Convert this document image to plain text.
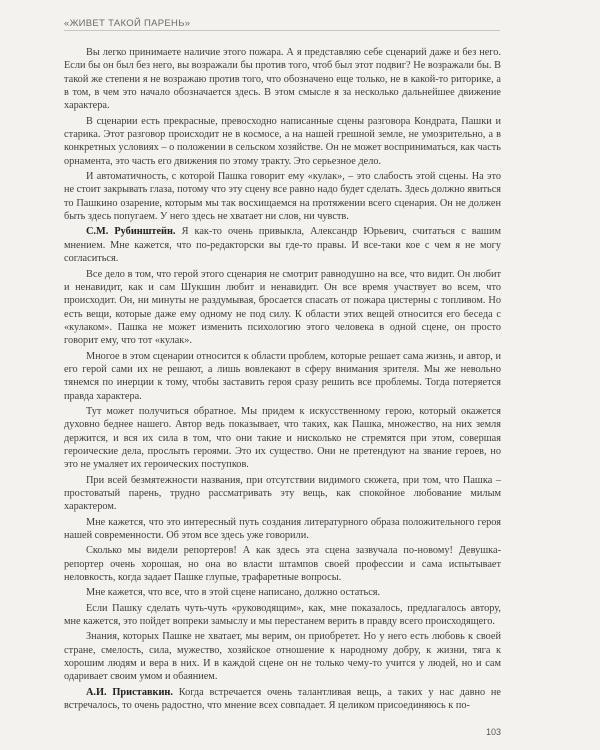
«ЖИВЕТ ТАКОЙ ПАРЕНЬ»

Вы легко принимаете наличие этого пожара. А я представляю себе сценарий даже и без него. Если бы он был без него, вы возражали бы против того, чтоб был этот подвиг? Не возражали бы. В такой же степени я не возражаю против того, что обозначено еще только, не в какой-то риторике, а в том, в чем это начало обозначается здесь. В этом смысле я за несколько дальнейшее движение характера.

В сценарии есть прекрасные, превосходно написанные сцены разговора Кондрата, Пашки и старика. Этот разговор происходит не в космосе, а на нашей грешной земле, не умозрительно, а в конкретных условиях – о положении в сельском хозяйстве. Он не может восприниматься, как часть орнамента, это часть его движения по этому тракту. Это серьезное дело.

И автоматичность, с которой Пашка говорит ему «кулак», – это слабость этой сцены. На это не стоит закрывать глаза, потому что эту сцену все равно надо будет сделать. Здесь должно явиться то Пашкино озарение, которым мы так восхищаемся на протяжении всего сценария. Он не должен быть здесь попугаем. У него здесь не хватает ни слов, ни чувств.

С.М. Рубинштейн. Я как-то очень привыкла, Александр Юрьевич, считаться с вашим мнением. Мне кажется, что по-редакторски вы где-то правы. И все-таки кое с чем я не могу согласиться.

Все дело в том, что герой этого сценария не смотрит равнодушно на все, что видит. Он любит и ненавидит, как и сам Шукшин любит и ненавидит. Он все время участвует во всем, что происходит. Он, ни минуты не раздумывая, бросается спасать от пожара цистерны с топливом. Но есть вещи, которые даже ему одному не под силу. К области этих вещей относится его беседа с «кулаком». Пашка не может изменить психологию этого человека в одной сцене, он просто говорит ему, что тот «кулак».

Многое в этом сценарии относится к области проблем, которые решает сама жизнь, и автор, и его герой сами их не решают, а лишь вовлекают в сферу внимания зрителя. Мы же невольно тянемся по инерции к тому, чтобы заставить героя сразу решить все проблемы. Тогда потеряется правда характера.

Тут может получиться обратное. Мы придем к искусственному герою, который окажется духовно беднее нашего. Автор ведь показывает, что таких, как Пашка, множество, на них земля держится, и вся их сила в том, что они такие и нисколько не стремятся при этом, совершая героические дела, прослыть героями. Это их существо. Они не претендуют на звание героев, но это не умаляет их героических поступков.

При всей безмятежности названия, при отсутствии видимого сюжета, при том, что Пашка – простоватый парень, трудно рассматривать эту вещь, как спокойное любование милым характером.

Мне кажется, что это интересный путь создания литературного образа положительного героя нашей современности. Об этом все здесь уже говорили.

Сколько мы видели репортеров! А как здесь эта сцена зазвучала по-новому! Девушка-репортер очень хорошая, но она во власти штампов своей профессии и сама испытывает неловкость, когда задает Пашке глупые, трафаретные вопросы.

Мне кажется, что все, что в этой сцене написано, должно остаться.

Если Пашку сделать чуть-чуть «руководящим», как, мне показалось, предлагалось автору, мне кажется, это пойдет вопреки замыслу и мы перестанем верить в правду всего происходящего.

Знания, которых Пашке не хватает, мы верим, он приобретет. Но у него есть любовь к своей стране, смелость, сила, мужество, хозяйское отношение к народному добру, к жизни, тяга к хорошим людям и вера в них. И в каждой сцене он не только чему-то учится у людей, но и сам одаривает своим умом и обаянием.

А.И. Приставкин. Когда встречается очень талантливая вещь, а таких у нас давно не встречалось, то очень радостно, что мнение всех совпадает. Я целиком присоединяюсь к по-

103
